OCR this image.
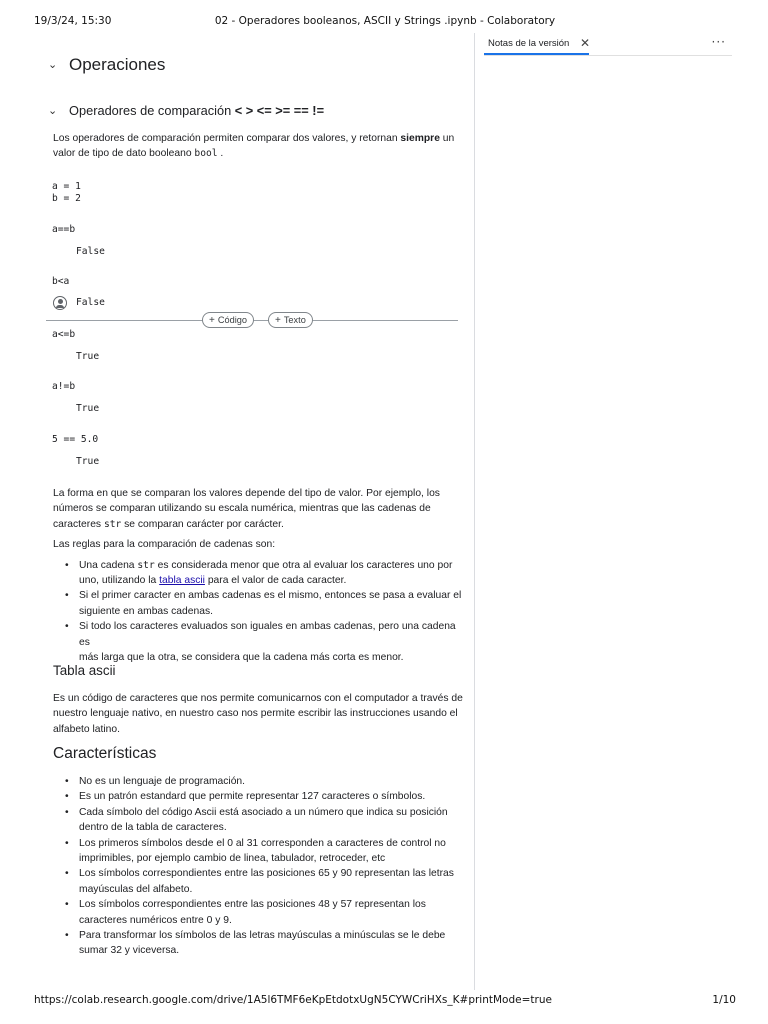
19/3/24, 15:30	02 - Operadores booleanos, ASCII y Strings .ipynb - Colaboratory
⌄ Operaciones
⌄ Operadores de comparación < > <= >= == !=
Los operadores de comparación permiten comparar dos valores, y retornan siempre un
valor de tipo de dato booleano bool .
a = 1
b = 2
a==b
False
b<a
False
+ Código	+ Texto
a<=b
True
a!=b
True
5 == 5.0
True
La forma en que se comparan los valores depende del tipo de valor. Por ejemplo, los
números se comparan utilizando su escala numérica, mientras que las cadenas de
caracteres str se comparan carácter por carácter.
Las reglas para la comparación de cadenas son:
• Una cadena str es considerada menor que otra al evaluar los caracteres uno por
uno, utilizando la tabla ascii para el valor de cada caracter.
• Si el primer caracter en ambas cadenas es el mismo, entonces se pasa a evaluar el
siguiente en ambas cadenas.
• Si todo los caracteres evaluados son iguales en ambas cadenas, pero una cadena es
más larga que la otra, se considera que la cadena más corta es menor.
Tabla ascii
Es un código de caracteres que nos permite comunicarnos con el computador a través de
nuestro lenguaje nativo, en nuestro caso nos permite escribir las instrucciones usando el
alfabeto latino.
Características
• No es un lenguaje de programación.
• Es un patrón estandard que permite representar 127 caracteres o símbolos.
• Cada símbolo del código Ascii está asociado a un número que indica su posición
dentro de la tabla de caracteres.
• Los primeros símbolos desde el 0 al 31 corresponden a caracteres de control no
imprimibles, por ejemplo cambio de linea, tabulador, retroceder, etc
• Los símbolos correspondientes entre las posiciones 65 y 90 representan las letras
mayúsculas del alfabeto.
• Los símbolos correspondientes entre las posiciones 48 y 57 representan los
caracteres numéricos entre 0 y 9.
• Para transformar los símbolos de las letras mayúsculas a minúsculas se le debe
sumar 32 y viceversa.
Notas de la versión ✕	···
https://colab.research.google.com/drive/1A5l6TMF6eKpEtdotxUgN5CYWCriHXs_K#printMode=true	1/10
